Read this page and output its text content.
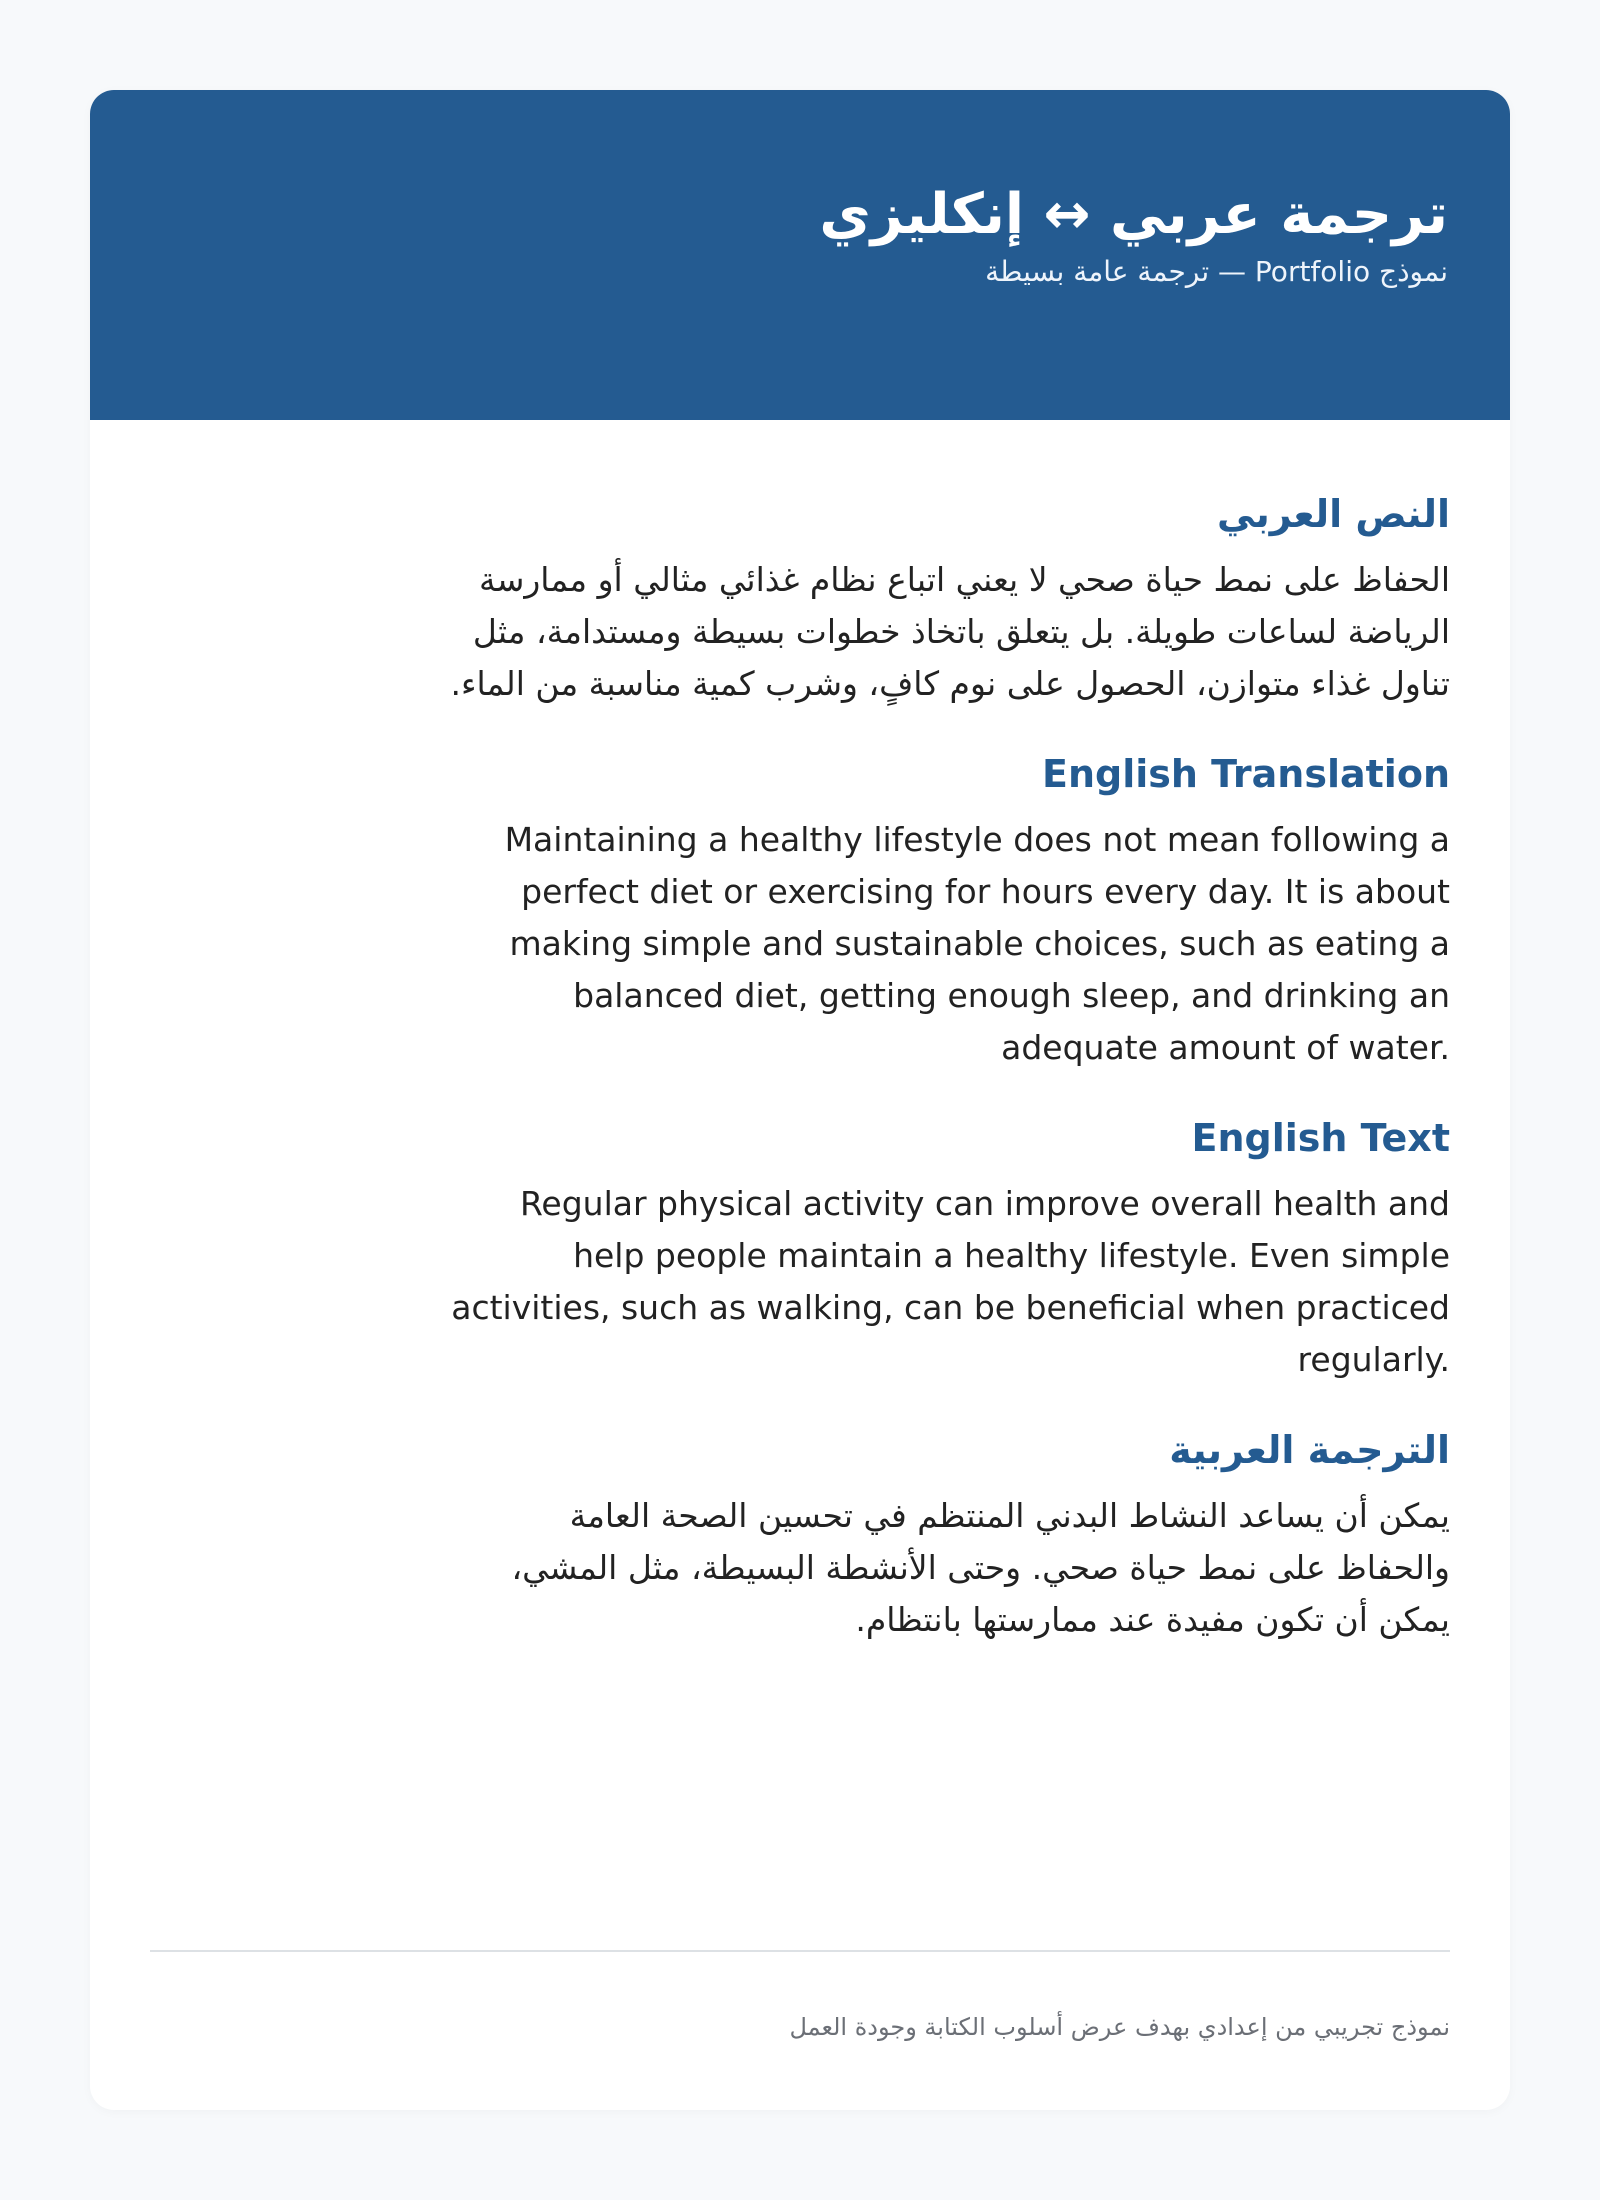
ترجمة عربي ↔ إنكليزي
نموذج Portfolio — ترجمة عامة بسيطة
النص العربي

الحفاظ على نمط حياة صحي لا يعني اتباع نظام غذائي مثالي أو ممارسة الرياضة لساعات طويلة. بل يتعلق باتخاذ خطوات بسيطة ومستدامة، مثل تناول غذاء متوازن، الحصول على نوم كافٍ، وشرب كمية مناسبة من الماء.

English Translation

Maintaining a healthy lifestyle does not mean following a perfect diet or exercising for hours every day. It is about making simple and sustainable choices, such as eating a balanced diet, getting enough sleep, and drinking an adequate amount of water.

English Text

Regular physical activity can improve overall health and help people maintain a healthy lifestyle. Even simple activities, such as walking, can be beneficial when practiced regularly.

الترجمة العربية

يمكن أن يساعد النشاط البدني المنتظم في تحسين الصحة العامة والحفاظ على نمط حياة صحي. وحتى الأنشطة البسيطة، مثل المشي، يمكن أن تكون مفيدة عند ممارستها بانتظام.

نموذج تجريبي من إعدادي بهدف عرض أسلوب الكتابة وجودة العمل
